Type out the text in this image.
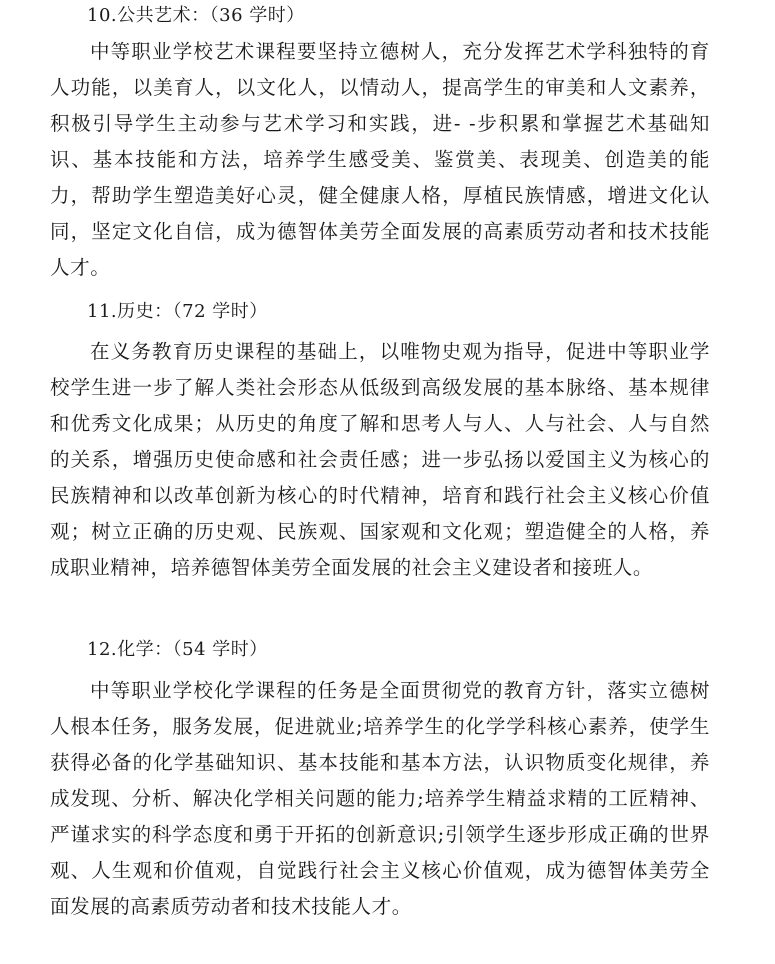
10.公共艺术：（36 学时）
中等职业学校艺术课程要坚持立德树人，充分发挥艺术学科独特的育人功能，以美育人，以文化人，以情动人，提高学生的审美和人文素养，积极引导学生主动参与艺术学习和实践，进- -步积累和掌握艺术基础知识、基本技能和方法，培养学生感受美、鉴赏美、表现美、创造美的能力，帮助学生塑造美好心灵，健全健康人格，厚植民族情感，增进文化认同，坚定文化自信，成为德智体美劳全面发展的高素质劳动者和技术技能人才。
11.历史：（72 学时）
在义务教育历史课程的基础上，以唯物史观为指导，促进中等职业学校学生进一步了解人类社会形态从低级到高级发展的基本脉络、基本规律和优秀文化成果；从历史的角度了解和思考人与人、人与社会、人与自然的关系，增强历史使命感和社会责任感；进一步弘扬以爱国主义为核心的民族精神和以改革创新为核心的时代精神，培育和践行社会主义核心价值观；树立正确的历史观、民族观、国家观和文化观；塑造健全的人格，养成职业精神，培养德智体美劳全面发展的社会主义建设者和接班人。
12.化学：（54 学时）
中等职业学校化学课程的任务是全面贯彻党的教育方针，落实立德树人根本任务，服务发展，促进就业;培养学生的化学学科核心素养，使学生获得必备的化学基础知识、基本技能和基本方法，认识物质变化规律，养成发现、分析、解决化学相关问题的能力;培养学生精益求精的工匠精神、严谨求实的科学态度和勇于开拓的创新意识;引领学生逐步形成正确的世界观、人生观和价值观，自觉践行社会主义核心价值观，成为德智体美劳全面发展的高素质劳动者和技术技能人才。
